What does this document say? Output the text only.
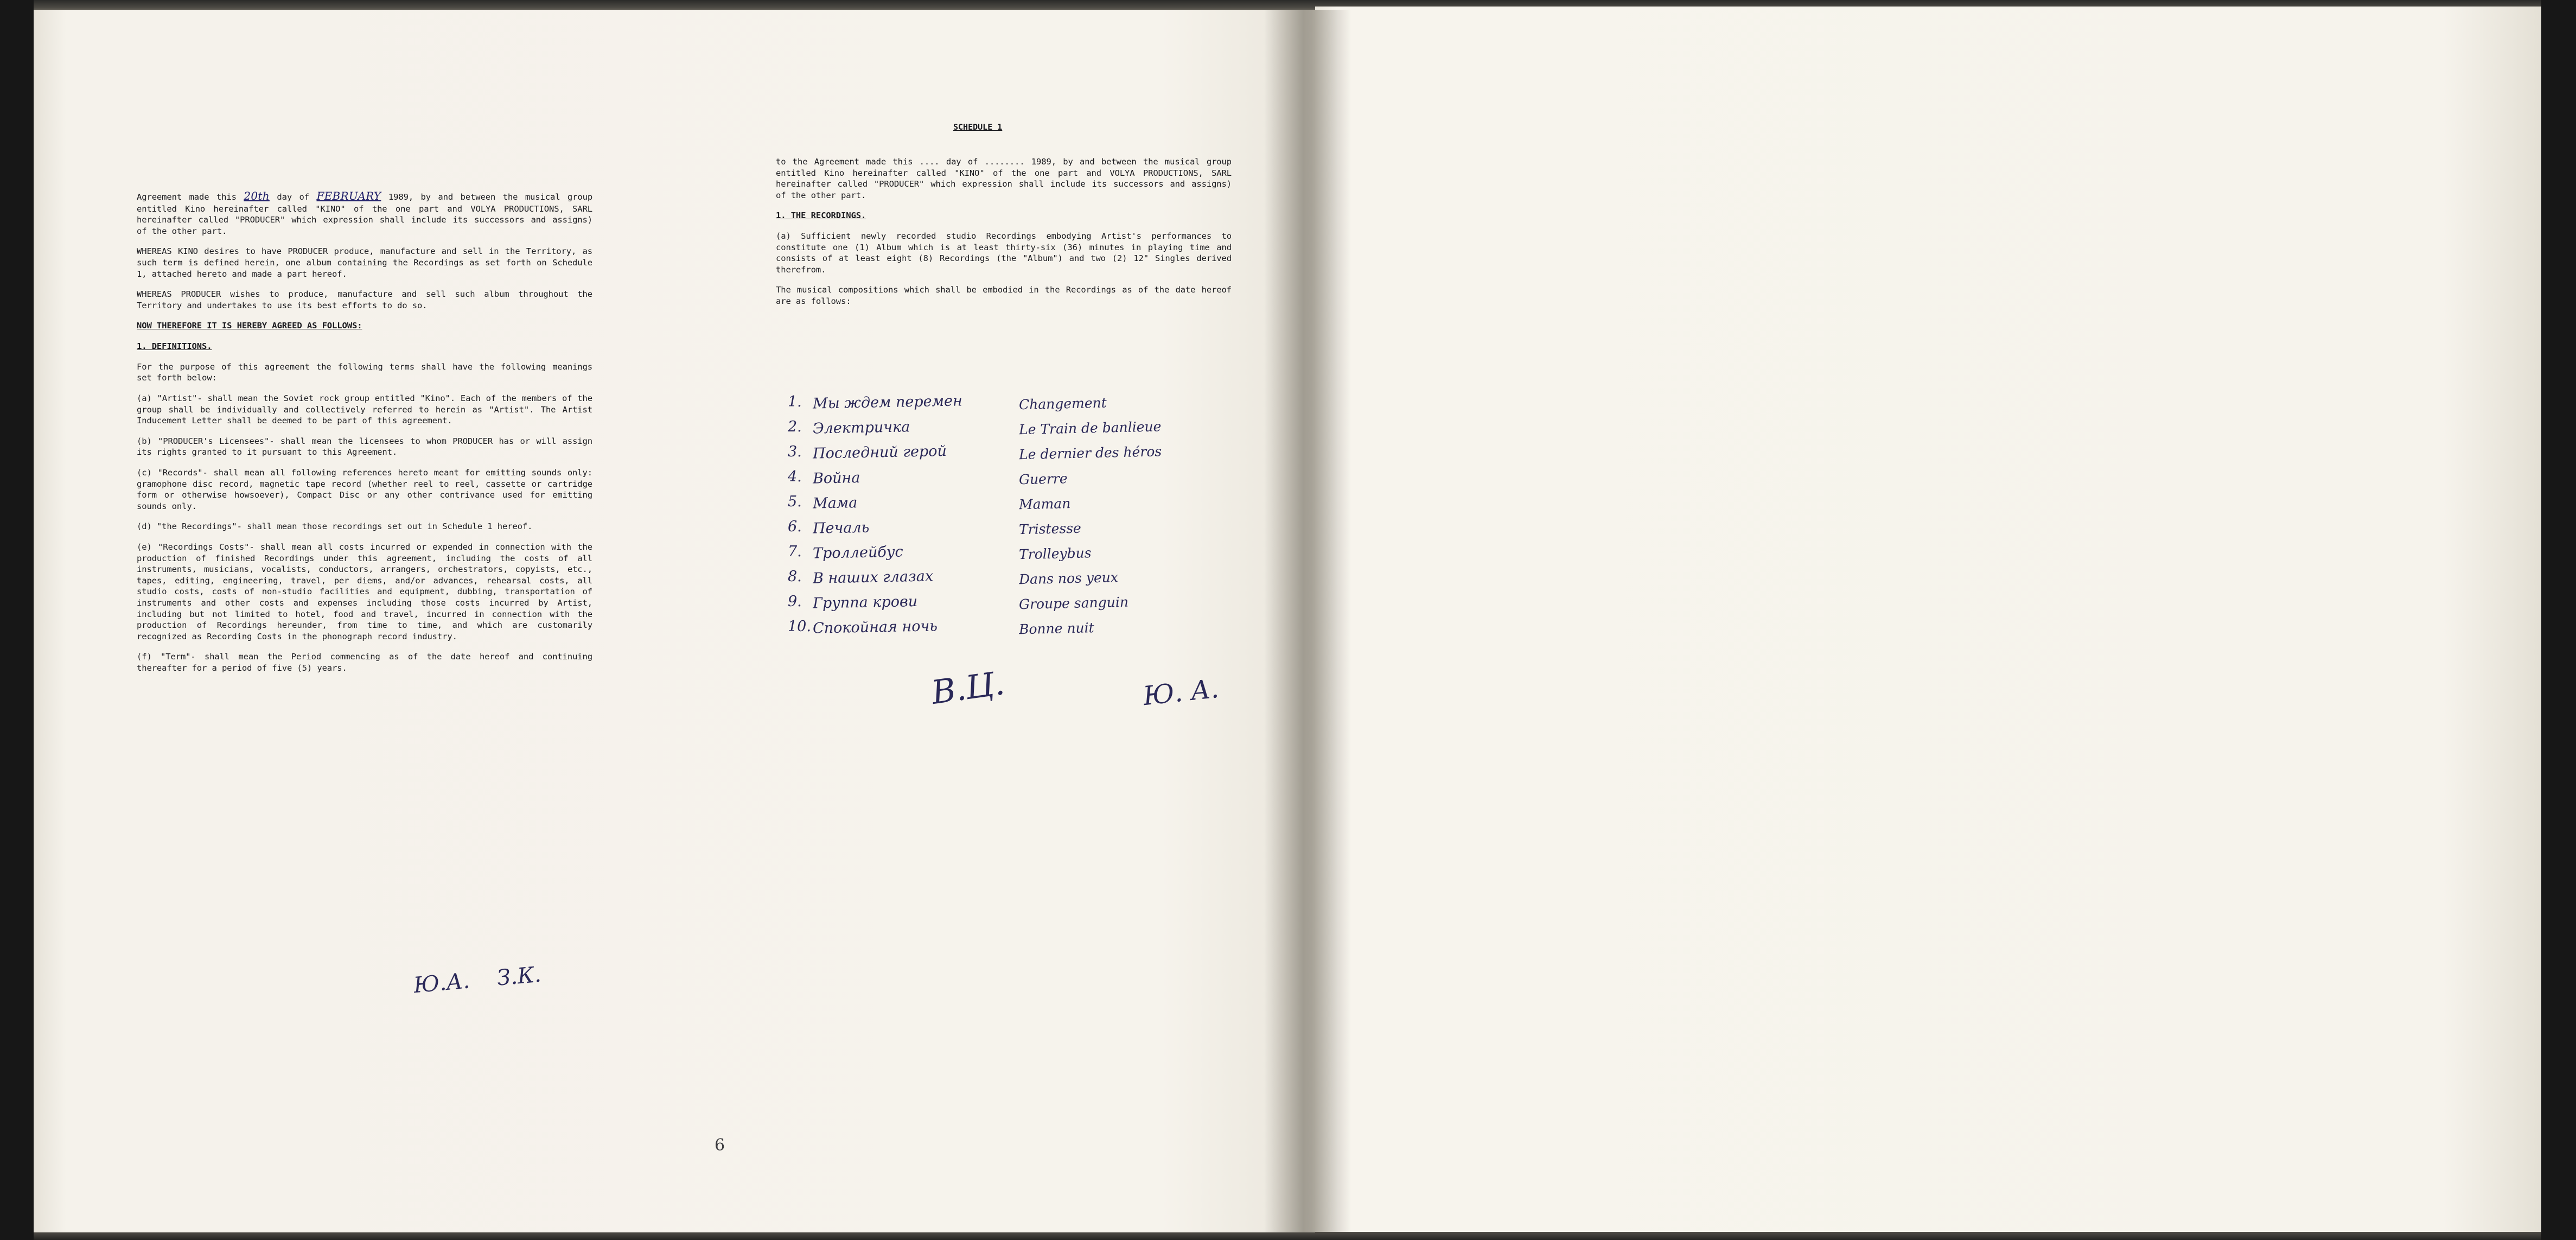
SCHEDULE 1

Agreement made this 20th day of FEBRUARY 1989, by and between the musical group entitled Kino hereinafter called "KINO" of the one part and VOLYA PRODUCTIONS, SARL hereinafter called "PRODUCER" which expression shall include its successors and assigns) of the other part.

WHEREAS KINO desires to have PRODUCER produce, manufacture and sell in the Territory, as such term is defined herein, one album containing the Recordings as set forth on Schedule 1, attached hereto and made a part hereof.

WHEREAS PRODUCER wishes to produce, manufacture and sell such album throughout the Territory and undertakes to use its best efforts to do so.

NOW THEREFORE IT IS HEREBY AGREED AS FOLLOWS:

1. DEFINITIONS.

For the purpose of this agreement the following terms shall have the following meanings set forth below:

(a) "Artist"- shall mean the Soviet rock group entitled "Kino". Each of the members of the group shall be individually and collectively referred to herein as "Artist". The Artist Inducement Letter shall be deemed to be part of this agreement.

(b) "PRODUCER's Licensees"- shall mean the licensees to whom PRODUCER has or will assign its rights granted to it pursuant to this Agreement.

(c) "Records"- shall mean all following references hereto meant for emitting sounds only: gramophone disc record, magnetic tape record (whether reel to reel, cassette or cartridge form or otherwise howsoever), Compact Disc or any other contrivance used for emitting sounds only.

(d) "the Recordings"- shall mean those recordings set out in Schedule 1 hereof.

(e) "Recordings Costs"- shall mean all costs incurred or expended in connection with the production of finished Recordings under this agreement, including the costs of all instruments, musicians, vocalists, conductors, arrangers, orchestrators, copyists, etc., tapes, editing, engineering, travel, per diems, and/or advances, rehearsal costs, all studio costs, costs of non-studio facilities and equipment, dubbing, transportation of instruments and other costs and expenses including those costs incurred by Artist, including but not limited to hotel, food and travel, incurred in connection with the production of Recordings hereunder, from time to time, and which are customarily recognized as Recording Costs in the phonograph record industry.

(f) "Term"- shall mean the Period commencing as of the date hereof and continuing thereafter for a period of five (5) years.

Ю.А. З.К.

to the Agreement made this .... day of ........ 1989, by and between the musical group entitled Kino hereinafter called "KINO" of the one part and VOLYA PRODUCTIONS, SARL hereinafter called "PRODUCER" which expression shall include its successors and assigns) of the other part.

1. THE RECORDINGS.

(a) Sufficient newly recorded studio Recordings embodying Artist's performances to constitute one (1) Album which is at least thirty-six (36) minutes in playing time and consists of at least eight (8) Recordings (the "Album") and two (2) 12" Singles derived therefrom.

The musical compositions which shall be embodied in the Recordings as of the date hereof are as follows:

1. Мы ждем перемен	Changement
2. Электричка	Le Train de banlieue
3. Последний герой	Le dernier des héros
4. Война	Guerre
5. Мама	Maman
6. Печаль	Tristesse
7. Троллейбус	Trolleybus
8. В наших глазах	Dans nos yeux
9. Группа крови	Groupe sanguin
10. Спокойная ночь	Bonne nuit
В.Ц.	Ю. А.
6
